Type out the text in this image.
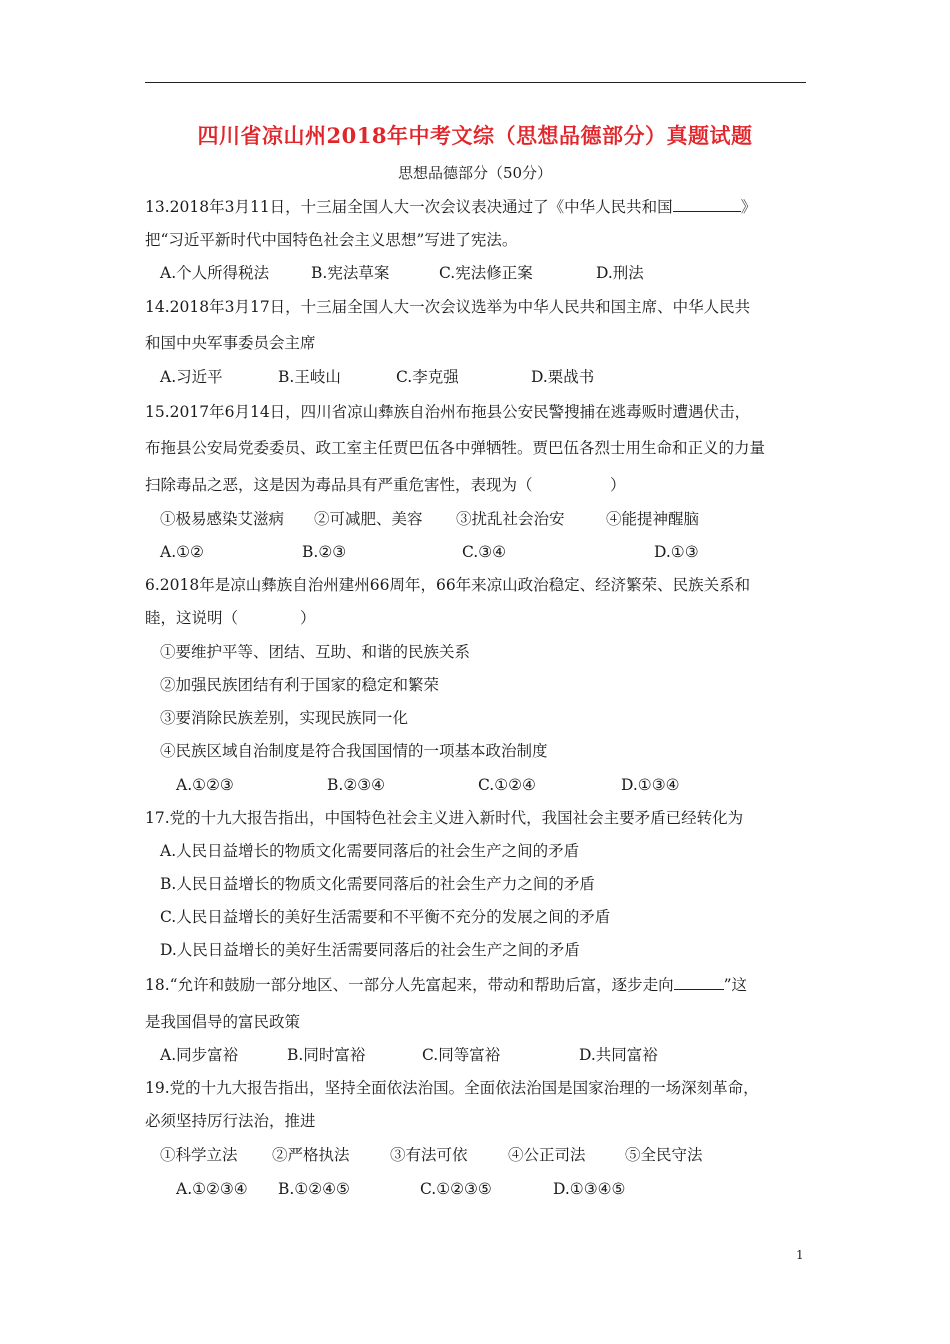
四川省凉山州2018年中考文综（思想品德部分）真题试题
思想品德部分（50分）
13.2018年3月11日，十三届全国人大一次会议表决通过了《中华人民共和国	》
把“习近平新时代中国特色社会主义思想”写进了宪法。
A.个人所得税法	B.宪法草案	C.宪法修正案	D.刑法
14.2018年3月17日，十三届全国人大一次会议选举为中华人民共和国主席、中华人民共
和国中央军事委员会主席
A.习近平	B.王岐山	C.李克强	D.栗战书
15.2017年6月14日，四川省凉山彝族自治州布拖县公安民警搜捕在逃毒贩时遭遇伏击，
布拖县公安局党委委员、政工室主任贾巴伍各中弹牺牲。贾巴伍各烈士用生命和正义的力量
扫除毒品之恶，这是因为毒品具有严重危害性，表现为（　　　　　）
①极易感染艾滋病 ②可减肥、美容 ③扰乱社会治安	④能提神醒脑
A.①②	B.②③	C.③④	D.①③
6.2018年是凉山彝族自治州建州66周年，66年来凉山政治稳定、经济繁荣、民族关系和
睦，这说明（　　　　）
①要维护平等、团结、互助、和谐的民族关系
②加强民族团结有利于国家的稳定和繁荣
③要消除民族差别，实现民族同一化
④民族区域自治制度是符合我国国情的一项基本政治制度
A.①②③	B.②③④	C.①②④	D.①③④
17.党的十九大报告指出，中国特色社会主义进入新时代，我国社会主要矛盾已经转化为
A.人民日益增长的物质文化需要同落后的社会生产之间的矛盾
B.人民日益增长的物质文化需要同落后的社会生产力之间的矛盾
C.人民日益增长的美好生活需要和不平衡不充分的发展之间的矛盾
D.人民日益增长的美好生活需要同落后的社会生产之间的矛盾
18.“允许和鼓励一部分地区、一部分人先富起来，带动和帮助后富，逐步走向	”这
是我国倡导的富民政策
A.同步富裕	B.同时富裕	C.同等富裕	D.共同富裕
19.党的十九大报告指出，坚持全面依法治国。全面依法治国是国家治理的一场深刻革命，
必须坚持厉行法治，推进
①科学立法 ②严格执法	③有法可依	④公正司法	⑤全民守法
A.①②③④ B.①②④⑤	C.①②③⑤	D.①③④⑤
1
